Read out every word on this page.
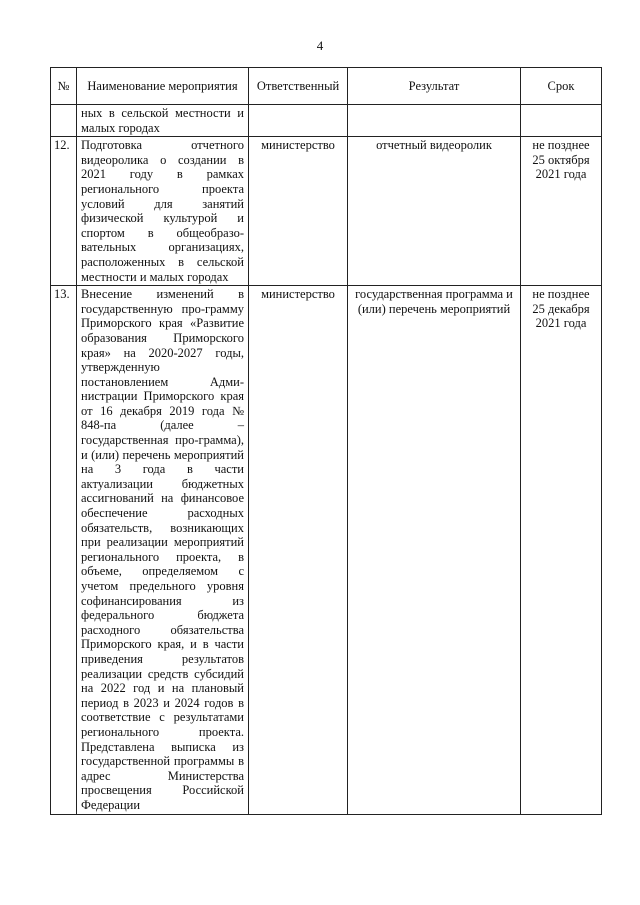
4
№	Наименование мероприятия	Ответственный	Результат	Срок
	ных в сельской местности и малых городах			
12.	Подготовка отчетного видеоролика о создании в 2021 году в рамках регионального проекта условий для занятий физической культурой и спортом в общеобразо-вательных организациях, расположенных в сельской местности и малых городах	министерство	отчетный видеоролик	не позднее 25 октября 2021 года
13.	Внесение изменений в государственную про-грамму Приморского края «Развитие образования Приморского края» на 2020-2027 годы, утвержденную постановлением Адми-нистрации Приморского края от 16 декабря 2019 года № 848-па (далее – государственная про-грамма), и (или) перечень мероприятий на 3 года в части актуализации бюджетных ассигнований на финансовое обеспечение расходных обязательств, возникающих при реализации мероприятий регионального проекта, в объеме, определяемом с учетом предельного уровня софинансирования из федерального бюджета расходного обязательства Приморского края, и в части приведения результатов реализации средств субсидий на 2022 год и на плановый период в 2023 и 2024 годов в соответствие с результатами регионального проекта. Представлена выписка из государственной программы в адрес Министерства просвещения Российской Федерации	министерство	государственная программа и (или) перечень мероприятий	не позднее 25 декабря 2021 года
